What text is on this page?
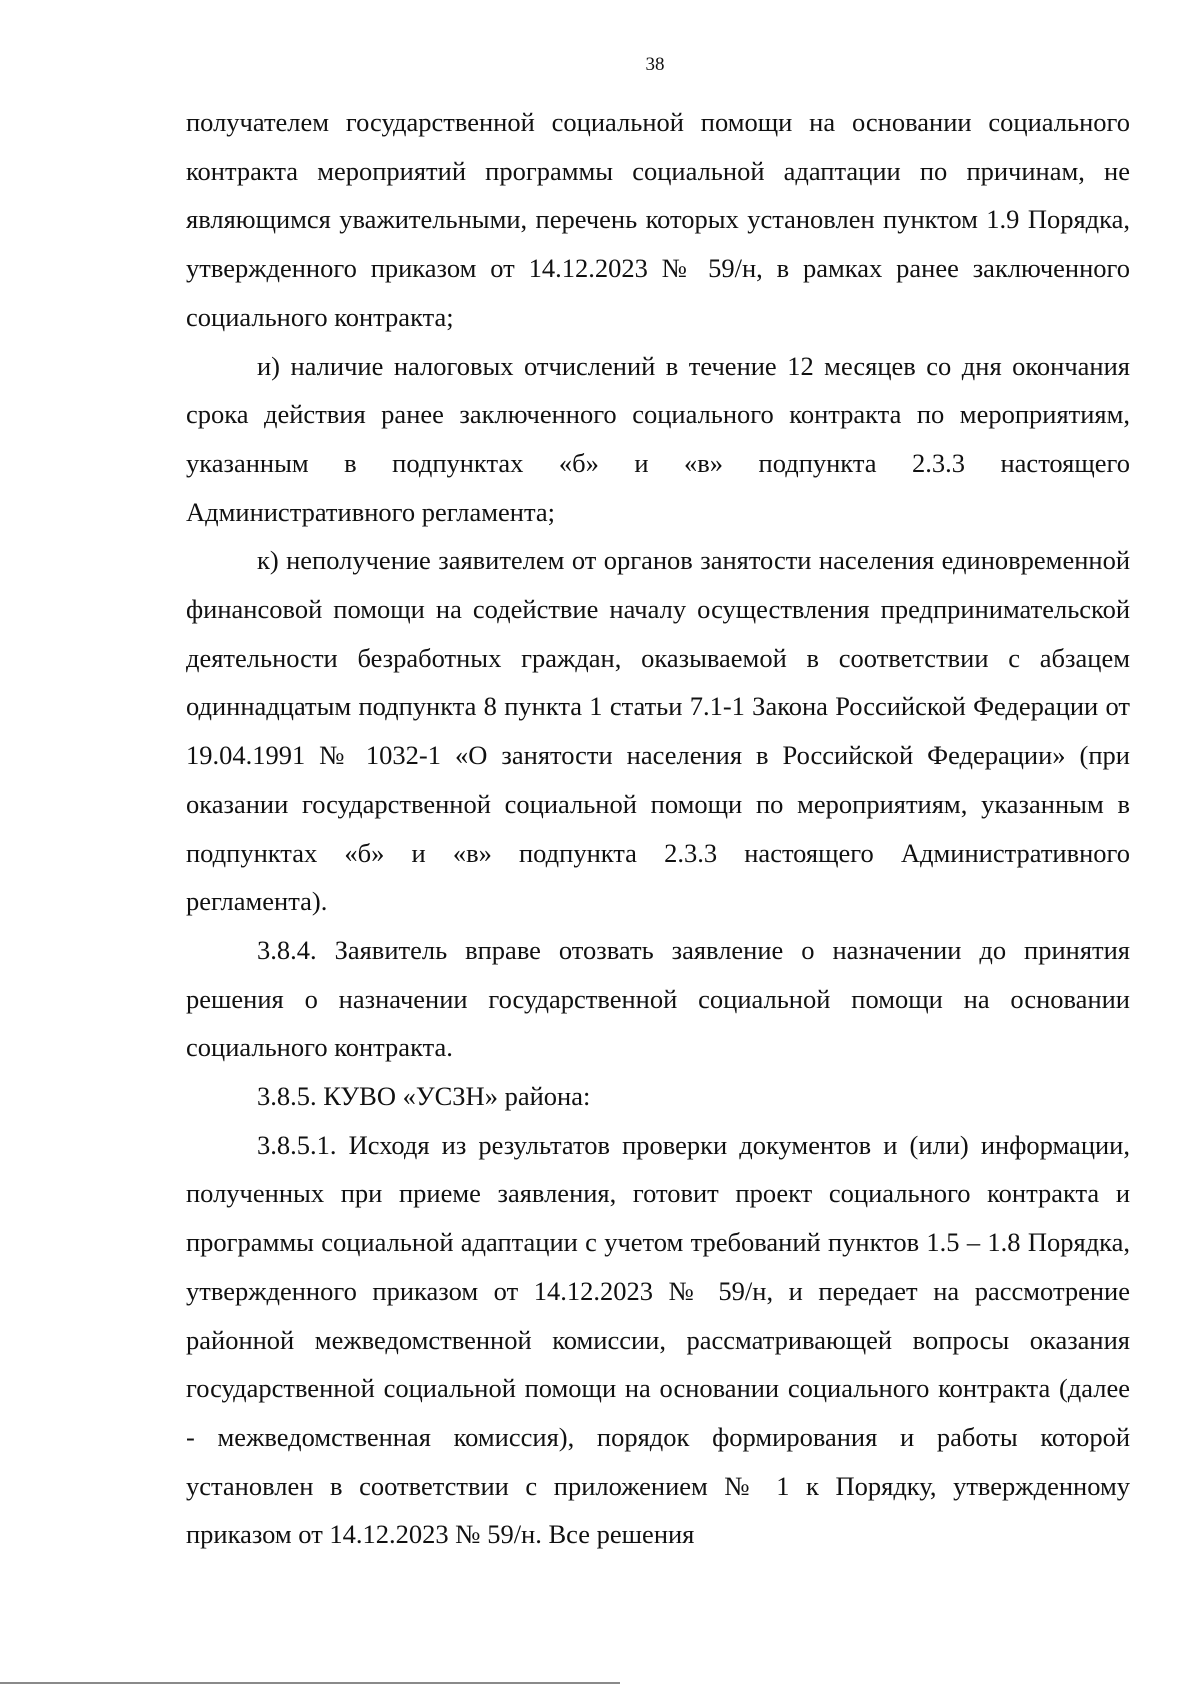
38

получателем государственной социальной помощи на основании социального контракта мероприятий программы социальной адаптации по причинам, не являющимся уважительными, перечень которых установлен пунктом 1.9 Порядка, утвержденного приказом от 14.12.2023 № 59/н, в рамках ранее заключенного социального контракта;

и) наличие налоговых отчислений в течение 12 месяцев со дня окончания срока действия ранее заключенного социального контракта по мероприятиям, указанным в подпунктах «б» и «в» подпункта 2.3.3 настоящего Административного регламента;

к) неполучение заявителем от органов занятости населения единовременной финансовой помощи на содействие началу осуществления предпринимательской деятельности безработных граждан, оказываемой в соответствии с абзацем одиннадцатым подпункта 8 пункта 1 статьи 7.1-1 Закона Российской Федерации от 19.04.1991 № 1032-1 «О занятости населения в Российской Федерации» (при оказании государственной социальной помощи по мероприятиям, указанным в подпунктах «б» и «в» подпункта 2.3.3 настоящего Административного регламента).

3.8.4. Заявитель вправе отозвать заявление о назначении до принятия решения о назначении государственной социальной помощи на основании социального контракта.

3.8.5. КУВО «УСЗН» района:

3.8.5.1. Исходя из результатов проверки документов и (или) информации, полученных при приеме заявления, готовит проект социального контракта и программы социальной адаптации с учетом требований пунктов 1.5 – 1.8 Порядка, утвержденного приказом от 14.12.2023 № 59/н, и передает на рассмотрение районной межведомственной комиссии, рассматривающей вопросы оказания государственной социальной помощи на основании социального контракта (далее - межведомственная комиссия), порядок формирования и работы которой установлен в соответствии с приложением № 1 к Порядку, утвержденному приказом от 14.12.2023 № 59/н. Все решения
